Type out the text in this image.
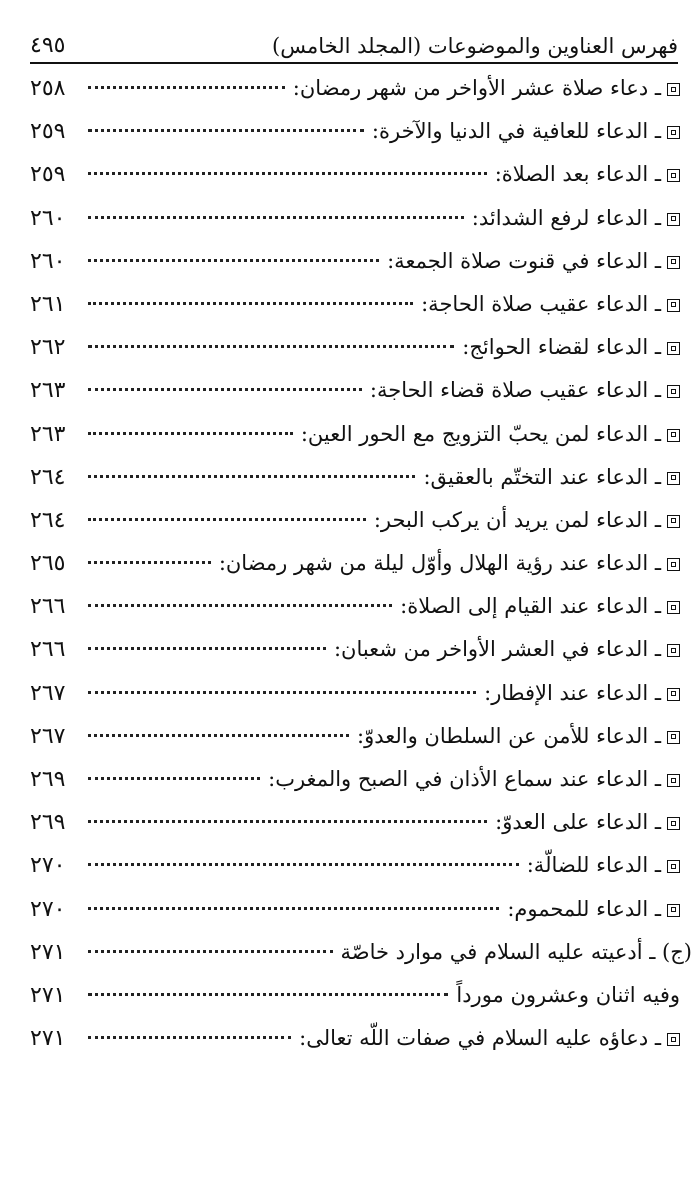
فهرس العناوين والموضوعات (المجلد الخامس)
٤٩٥
ـ دعاء صلاة عشر الأواخر من شهر رمضان:
٢٥٨
ـ الدعاء للعافية في الدنيا والآخرة:
٢٥٩
ـ الدعاء بعد الصلاة:
٢٥٩
ـ الدعاء لرفع الشدائد:
٢٦٠
ـ الدعاء في قنوت صلاة الجمعة:
٢٦٠
ـ الدعاء عقيب صلاة الحاجة:
٢٦١
ـ الدعاء لقضاء الحوائج:
٢٦٢
ـ الدعاء عقيب صلاة قضاء الحاجة:
٢٦٣
ـ الدعاء لمن يحبّ التزويج مع الحور العين:
٢٦٣
ـ الدعاء عند التختّم بالعقيق:
٢٦٤
ـ الدعاء لمن يريد أن يركب البحر:
٢٦٤
ـ الدعاء عند رؤية الهلال وأوّل ليلة من شهر رمضان:
٢٦٥
ـ الدعاء عند القيام إلى الصلاة:
٢٦٦
ـ الدعاء في العشر الأواخر من شعبان:
٢٦٦
ـ الدعاء عند الإفطار:
٢٦٧
ـ الدعاء للأمن عن السلطان والعدوّ:
٢٦٧
ـ الدعاء عند سماع الأذان في الصبح والمغرب:
٢٦٩
ـ الدعاء على العدوّ:
٢٦٩
ـ الدعاء للضالّة:
٢٧٠
ـ الدعاء للمحموم:
٢٧٠
(ج) ـ أدعيته عليه السلام في موارد خاصّة
٢٧١
وفيه اثنان وعشرون مورداً
٢٧١
ـ دعاؤه عليه السلام في صفات اللّه تعالى:
٢٧١
